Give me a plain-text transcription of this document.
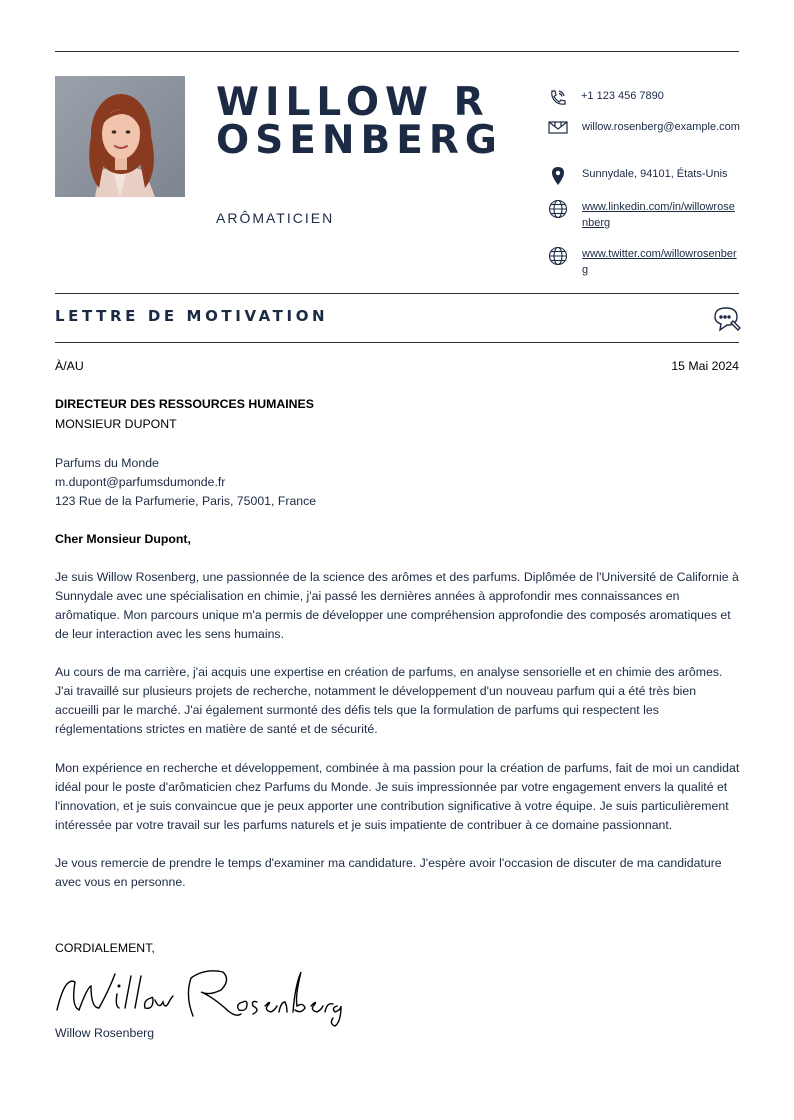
WILLOW ROSENBERG
ARÔMATICIEN
+1 123 456 7890
willow.rosenberg@example.com
Sunnydale, 94101, États-Unis
www.linkedin.com/in/willowrosenberg
www.twitter.com/willowrosenberg
LETTRE DE MOTIVATION
À/AU	15 Mai 2024
DIRECTEUR DES RESSOURCES HUMAINES
MONSIEUR DUPONT
Parfums du Monde
m.dupont@parfumsdumonde.fr
123 Rue de la Parfumerie, Paris, 75001, France
Cher Monsieur Dupont,

Je suis Willow Rosenberg, une passionnée de la science des arômes et des parfums. Diplômée de l'Université de Californie à Sunnydale avec une spécialisation en chimie, j'ai passé les dernières années à approfondir mes connaissances en arômatique. Mon parcours unique m'a permis de développer une compréhension approfondie des composés aromatiques et de leur interaction avec les sens humains.

Au cours de ma carrière, j'ai acquis une expertise en création de parfums, en analyse sensorielle et en chimie des arômes. J'ai travaillé sur plusieurs projets de recherche, notamment le développement d'un nouveau parfum qui a été très bien accueilli par le marché. J'ai également surmonté des défis tels que la formulation de parfums qui respectent les réglementations strictes en matière de santé et de sécurité.

Mon expérience en recherche et développement, combinée à ma passion pour la création de parfums, fait de moi un candidat idéal pour le poste d'arômaticien chez Parfums du Monde. Je suis impressionnée par votre engagement envers la qualité et l'innovation, et je suis convaincue que je peux apporter une contribution significative à votre équipe. Je suis particulièrement intéressée par votre travail sur les parfums naturels et je suis impatiente de contribuer à ce domaine passionnant.

Je vous remercie de prendre le temps d'examiner ma candidature. J'espère avoir l'occasion de discuter de ma candidature avec vous en personne.

CORDIALEMENT,
Willow Rosenberg
